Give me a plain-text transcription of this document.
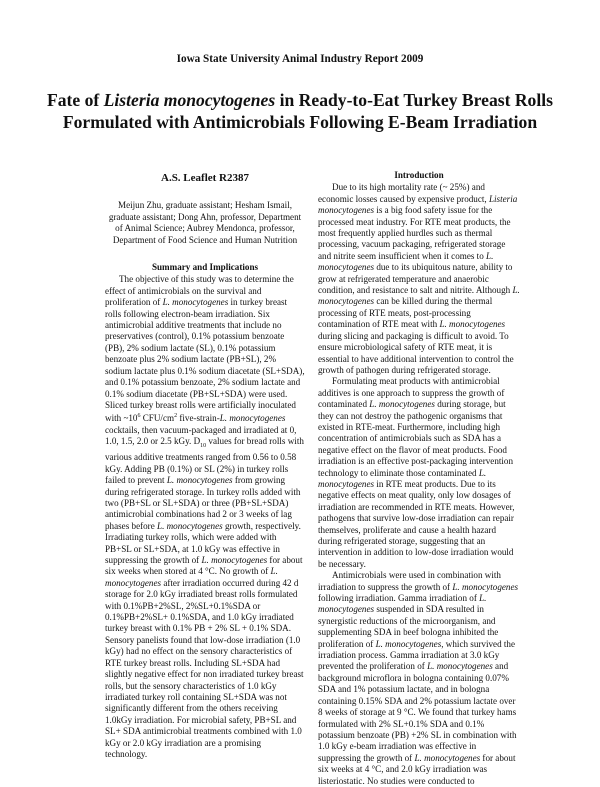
Iowa State University Animal Industry Report 2009
Fate of Listeria monocytogenes in Ready-to-Eat Turkey Breast Rolls Formulated with Antimicrobials Following E-Beam Irradiation
A.S. Leaflet R2387
Meijun Zhu, graduate assistant; Hesham Ismail, graduate assistant; Dong Ahn, professor, Department of Animal Science; Aubrey Mendonca, professor, Department of Food Science and Human Nutrition
Summary and Implications

The objective of this study was to determine the effect of antimicrobials on the survival and proliferation of L. monocytogenes in turkey breast rolls following electron-beam irradiation. Six antimicrobial additive treatments that include no preservatives (control), 0.1% potassium benzoate (PB), 2% sodium lactate (SL), 0.1% potassium benzoate plus 2% sodium lactate (PB+SL), 2% sodium lactate plus 0.1% sodium diacetate (SL+SDA), and 0.1% potassium benzoate, 2% sodium lactate and 0.1% sodium diacetate (PB+SL+SDA) were used. Sliced turkey breast rolls were artificially inoculated with $\sim 10^6$ CFU/$cm^2$ five-strain-L. monocytogenes cocktails, then vacuum-packaged and irradiated at 0, 1.0, 1.5, 2.0 or 2.5 kGy. $D_{10}$ values for bread rolls with various additive treatments ranged from 0.56 to 0.58 kGy. Adding PB (0.1%) or SL (2%) in turkey rolls failed to prevent L. monocytogenes from growing during refrigerated storage. In turkey rolls added with two (PB+SL or SL+SDA) or three (PB+SL+SDA) antimicrobial combinations had 2 or 3 weeks of lag phases before L. monocytogenes growth, respectively. Irradiating turkey rolls, which were added with PB+SL or SL+SDA, at 1.0 kGy was effective in suppressing the growth of L. monocytogenes for about six weeks when stored at 4 °C. No growth of L. monocytogenes after irradiation occurred during 42 d storage for 2.0 kGy irradiated breast rolls formulated with 0.1%PB+2%SL, 2%SL+0.1%SDA or 0.1%PB+2%SL+ 0.1%SDA, and 1.0 kGy irradiated turkey breast with 0.1% PB + 2% SL + 0.1% SDA. Sensory panelists found that low-dose irradiation (1.0 kGy) had no effect on the sensory characteristics of RTE turkey breast rolls. Including SL+SDA had slightly negative effect for non irradiated turkey breast rolls, but the sensory characteristics of 1.0 kGy irradiated turkey roll containing SL+SDA was not significantly different from the others receiving 1.0kGy irradiation. For microbial safety, PB+SL and SL+ SDA antimicrobial treatments combined with 1.0 kGy or 2.0 kGy irradiation are a promising technology.

Introduction

Due to its high mortality rate (~ 25%) and economic losses caused by expensive product, Listeria monocytogenes is a big food safety issue for the processed meat industry. For RTE meat products, the most frequently applied hurdles such as thermal processing, vacuum packaging, refrigerated storage and nitrite seem insufficient when it comes to L. monocytogenes due to its ubiquitous nature, ability to grow at refrigerated temperature and anaerobic condition, and resistance to salt and nitrite. Although L. monocytogenes can be killed during the thermal processing of RTE meats, post-processing contamination of RTE meat with L. monocytogenes during slicing and packaging is difficult to avoid. To ensure microbiological safety of RTE meat, it is essential to have additional intervention to control the growth of pathogen during refrigerated storage.

Formulating meat products with antimicrobial additives is one approach to suppress the growth of contaminated L. monocytogenes during storage, but they can not destroy the pathogenic organisms that existed in RTE-meat. Furthermore, including high concentration of antimicrobials such as SDA has a negative effect on the flavor of meat products. Food irradiation is an effective post-packaging intervention technology to eliminate those contaminated L. monocytogenes in RTE meat products. Due to its negative effects on meat quality, only low dosages of irradiation are recommended in RTE meats. However, pathogens that survive low-dose irradiation can repair themselves, proliferate and cause a health hazard during refrigerated storage, suggesting that an intervention in addition to low-dose irradiation would be necessary.

Antimicrobials were used in combination with irradiation to suppress the growth of L. monocytogenes following irradiation. Gamma irradiation of L. monocytogenes suspended in SDA resulted in synergistic reductions of the microorganism, and supplementing SDA in beef bologna inhibited the proliferation of L. monocytogenes, which survived the irradiation process. Gamma irradiation at 3.0 kGy prevented the proliferation of L. monocytogenes and background microflora in bologna containing 0.07% SDA and 1% potassium lactate, and in bologna containing 0.15% SDA and 2% potassium lactate over 8 weeks of storage at 9 °C. We found that turkey hams formulated with 2% SL+0.1% SDA and 0.1% potassium benzoate (PB) +2% SL in combination with 1.0 kGy e-beam irradiation was effective in suppressing the growth of L. monocytogenes for about six weeks at 4 °C, and 2.0 kGy irradiation was listeriostatic. No studies were conducted to
